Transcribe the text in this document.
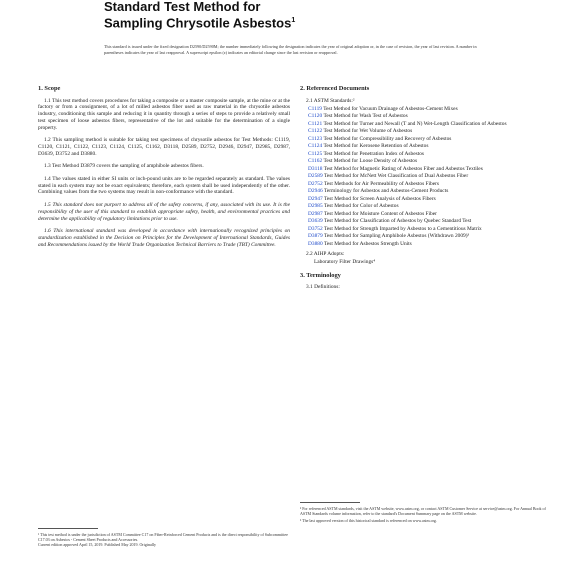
Standard Test Method for
Sampling Chrysotile Asbestos$^1$
This standard is issued under the fixed designation D2590/D2590M; the number immediately following the designation indicates the year of original adoption or, in the case of revision, the year of last revision. A number in parentheses indicates the year of last reapproval. A superscript epsilon (ε) indicates an editorial change since the last revision or reapproval.
1. Scope
1.1 This test method covers procedures for taking a composite or a master composite sample, at the mine or at the factory or from a consignment, of a lot of milled asbestos fiber used as raw material in the chrysotile asbestos industry, conditioning this sample and reducing it in quantity through a series of steps to provide a relatively small test specimen of loose asbestos fibers, representative of the lot and suitable for the determination of a single property.
1.2 This sampling method is suitable for taking test specimens of chrysotile asbestos for Test Methods: C1119, C1120, C1121, C1122, C1123, C1124, C1125, C1162, D3118, D2589, D2752, D2946, D2947, D2985, D2987, D3639, D3752 and D3880.
1.3 Test Method D3879 covers the sampling of amphibole asbestos fibers.
1.4 The values stated in either SI units or inch-pound units are to be regarded separately as standard. The values stated in each system may not be exact equivalents; therefore, each system shall be used independently of the other. Combining values from the two systems may result in non-conformance with the standard.
1.5 This standard does not purport to address all of the safety concerns, if any, associated with its use. It is the responsibility of the user of this standard to establish appropriate safety, health, and environmental practices and determine the applicability of regulatory limitations prior to use.
1.6 This international standard was developed in accordance with internationally recognized principles on standardization established in the Decision on Principles for the Development of International Standards, Guides and Recommendations issued by the World Trade Organization Technical Barriers to Trade (TBT) Committee.
2. Referenced Documents
2.1 ASTM Standards:²
C1119 Test Method for Vacuum Drainage of Asbestos-Cement Mixes
C1120 Test Method for Wash Test of Asbestos
C1121 Test Method for Turner and Newall (T and N) Wet-Length Classification of Asbestos
C1122 Test Method for Wet Volume of Asbestos
C1123 Test Method for Compressibility and Recovery of Asbestos
C1124 Test Method for Kerosene Retention of Asbestos
C1125 Test Method for Penetration Index of Asbestos
C1162 Test Method for Loose Density of Asbestos
D3118 Test Method for Magnetic Rating of Asbestos Fiber and Asbestos Textiles
D2589 Test Method for McNett Wet Classification of Dual Asbestos Fiber
D2752 Test Methods for Air Permeability of Asbestos Fibers
D2946 Terminology for Asbestos and Asbestos-Cement Products
D2947 Test Method for Screen Analysis of Asbestos Fibers
D2985 Test Method for Color of Asbestos
D2987 Test Method for Moisture Content of Asbestos Fiber
D3639 Test Method for Classification of Asbestos by Quebec Standard Test
D3752 Test Method for Strength Imparted by Asbestos to a Cementitious Matrix
D3879 Test Method for Sampling Amphibole Asbestos (Withdrawn 2009)³
D3880 Test Method for Asbestos Strength Units
2.2 AIHP Adopts:
Laboratory Filter Drawings⁴
3. Terminology
3.1 Definitions:
¹ This test method is under the jurisdiction of ASTM Committee C17 on Fiber-Reinforced Cement Products and is the direct responsibility of Subcommittee C17.03 on Asbestos - Cement Sheet Products and Accessories.
Current edition approved April 15, 2019. Published May 2019. Originally
² For referenced ASTM standards, visit the ASTM website, www.astm.org, or contact ASTM Customer Service at service@astm.org. For Annual Book of ASTM Standards volume information, refer to the standard's Document Summary page on the ASTM website.
³ The last approved version of this historical standard is referenced on www.astm.org.
